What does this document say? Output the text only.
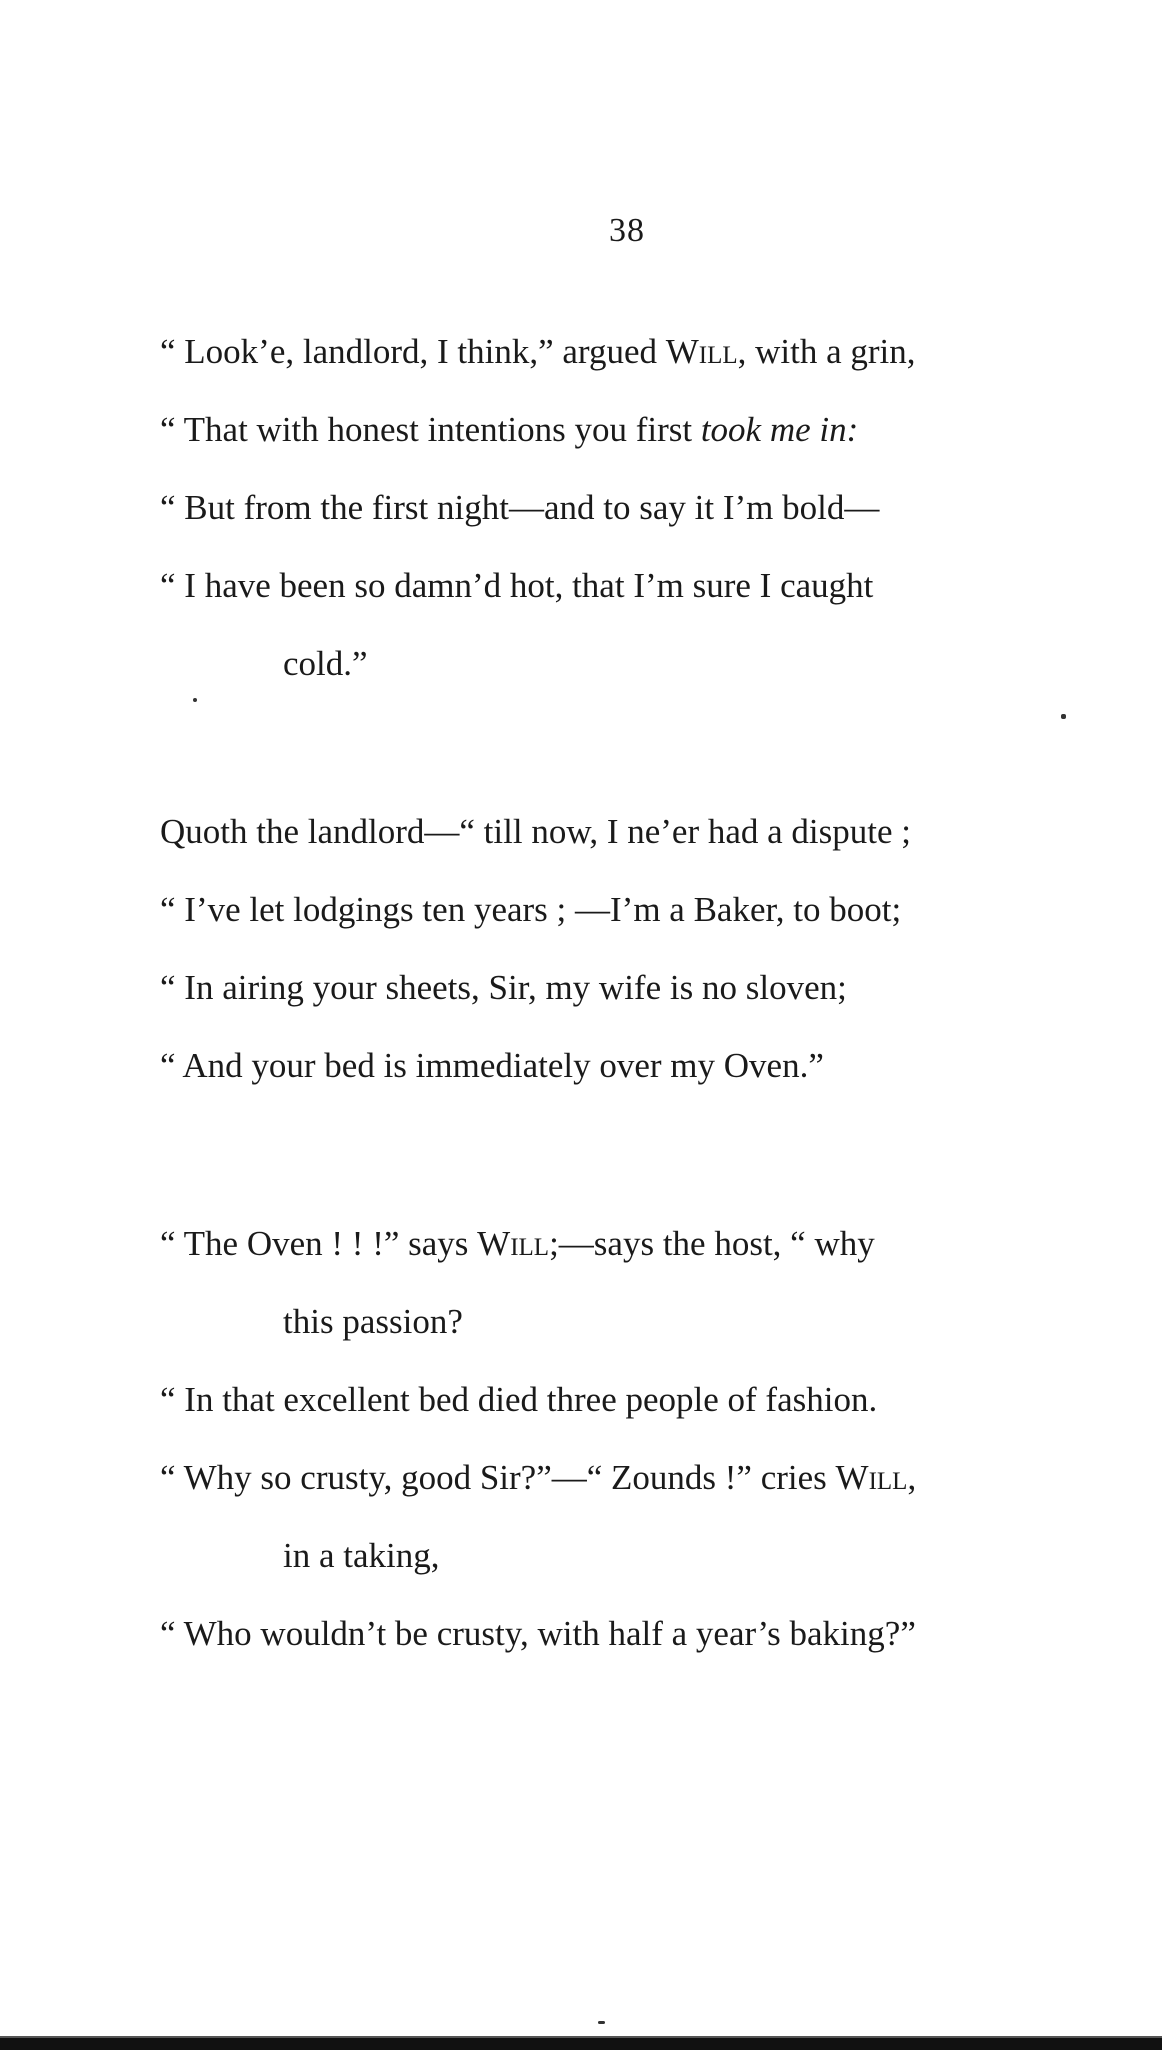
38
“ Look’e, landlord, I think,” argued Will, with a grin,
“ That with honest intentions you first took me in:
“ But from the first night—and to say it I’m bold—
“ I have been so damn’d hot, that I’m sure I caught
cold.”
Quoth the landlord—“ till now, I ne’er had a dispute ;
“ I’ve let lodgings ten years ; —I’m a Baker, to boot;
“ In airing your sheets, Sir, my wife is no sloven;
“ And your bed is immediately over my Oven.”
“ The Oven ! ! !” says Will;—says the host, “ why
this passion?
“ In that excellent bed died three people of fashion.
“ Why so crusty, good Sir?”—“ Zounds !” cries Will,
in a taking,
“ Who wouldn’t be crusty, with half a year’s baking?”
